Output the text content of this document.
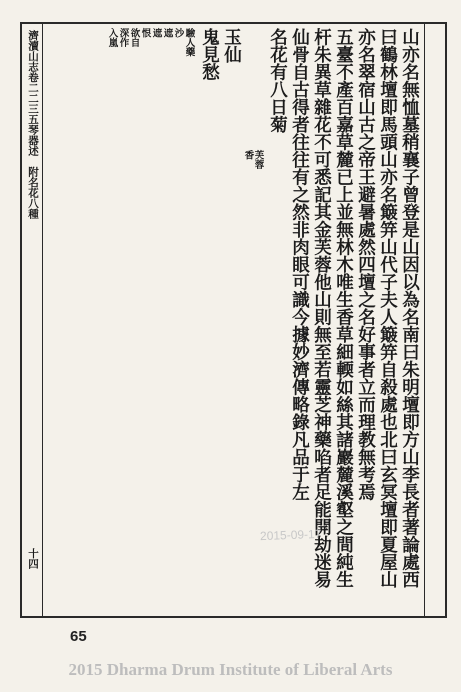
濟瀆山志卷二二三五琴器述　附名花八種
十四	山亦名無恤墓稍襄子曾登是山因以為名南曰朱明壇即方山李長者著論處西
曰鶴林壇即馬頭山亦名簸笄山代子夫人簸笄自殺處也北曰玄冥壇即夏屋山
亦名翠宿山古之帝王避暑處然四壇之名好事者立而理教無考焉
五臺不產百嘉草麓已上並無林木唯生香草細輭如絲其諸巖麓溪壑之間純生
杆朱異草雜花不可悉記其金芙蓉他山則無至若靈芝神藥啗者足能開劫迷易
仙骨自古得者往往有之然非肉眼可識今據妙濟傳略錄凡品于左
名花有八日菊
芙蓉
香
玉仙
鬼見愁
驗人藥
沙
遮
遮
恨
欲自
深作
入嵐
2015-09-17
65
2015 Dharma Drum Institute of Liberal Arts
